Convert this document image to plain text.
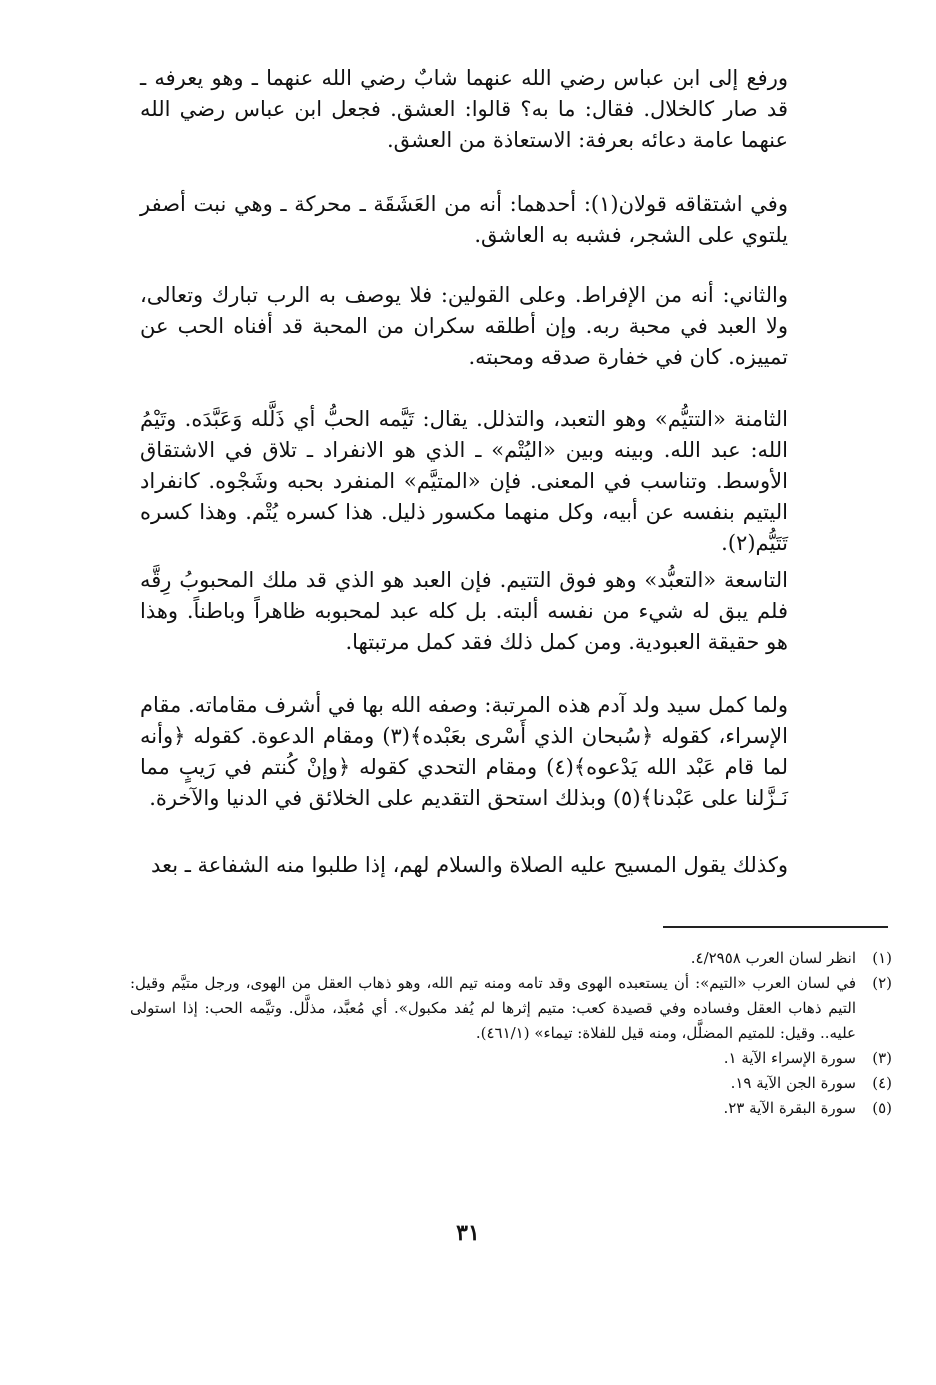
ورفع إلى ابن عباس رضي الله عنهما شابٌ رضي الله عنهما ـ وهو يعرفه ـ قد صار كالخلال. فقال: ما به؟ قالوا: العشق. فجعل ابن عباس رضي الله عنهما عامة دعائه بعرفة: الاستعاذة من العشق.

وفي اشتقاقه قولان(١): أحدهما: أنه من العَشَقَة ـ محركة ـ وهي نبت أصفر يلتوي على الشجر، فشبه به العاشق.

والثاني: أنه من الإفراط. وعلى القولين: فلا يوصف به الرب تبارك وتعالى، ولا العبد في محبة ربه. وإن أطلقه سكران من المحبة قد أفناه الحب عن تمييزه. كان في خفارة صدقه ومحبته.

الثامنة «التتيُّم» وهو التعبد، والتذلل. يقال: تَيَّمه الحبُّ أي ذَلَّله وَعَبَّدَه. وتَيْمُ الله: عبد الله. وبينه وبين «اليُتْم» ـ الذي هو الانفراد ـ تلاق في الاشتقاق الأوسط. وتناسب في المعنى. فإن «المتيَّم» المنفرد بحبه وشَجْوه. كانفراد اليتيم بنفسه عن أبيه، وكل منهما مكسور ذليل. هذا كسره يُتْم. وهذا كسره تَتَيُّم(٢).

التاسعة «التعبُّد» وهو فوق التتيم. فإن العبد هو الذي قد ملك المحبوبُ رِقَّه فلم يبق له شيء من نفسه ألبته. بل كله عبد لمحبوبه ظاهراً وباطناً. وهذا هو حقيقة العبودية. ومن كمل ذلك فقد كمل مرتبتها.

ولما كمل سيد ولد آدم هذه المرتبة: وصفه الله بها في أشرف مقاماته. مقام الإسراء، كقوله ﴿سُبحان الذي أَسْرى بعَبْده﴾(٣) ومقام الدعوة. كقوله ﴿وأنه لما قام عَبْد الله يَدْعوه﴾(٤) ومقام التحدي كقوله ﴿وإنْ كُنتم في رَيبٍ مما نَـزَّلنا على عَبْدنا﴾(٥) وبذلك استحق التقديم على الخلائق في الدنيا والآخرة.

وكذلك يقول المسيح عليه الصلاة والسلام لهم، إذا طلبوا منه الشفاعة ـ بعد

(١)
انظر لسان العرب ٤/٢٩٥٨.
(٢)
في لسان العرب «التيم»: أن يستعبده الهوى وقد تامه ومنه تيم الله، وهو ذهاب العقل من الهوى، ورجل متيَّم وقيل: التيم ذهاب العقل وفساده وفي قصيدة كعب: متيم إثرها لم يُفد مكبول». أي مُعبَّد، مذلَّل. وتيَّمه الحب: إذا استولى عليه.. وقيل: للمتيم المضلَّل، ومنه قيل للفلاة: تيماء» (٤٦١/١).
(٣)
سورة الإسراء الآية ١.
(٤)
سورة الجن الآية ١٩.
(٥)
سورة البقرة الآية ٢٣.
٣١
